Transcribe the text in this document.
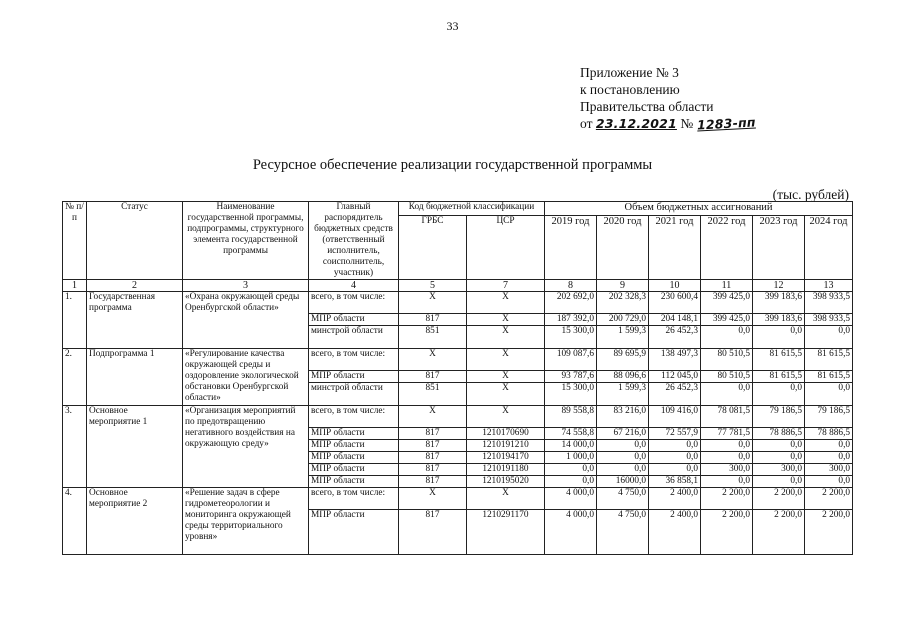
33
Приложение № 3
к постановлению
Правительства области
от 23.12.2021 № 1283-пп
Ресурсное обеспечение реализации государственной программы
(тыс. рублей)
№ п/п	Статус	Наименование государственной программы, подпрограммы, структурного элемента государственной программы	Главный распорядитель бюджетных средств (ответственный исполнитель, соисполнитель, участник)	Код бюджетной классификации		Объем бюджетных ассигнований					
				ГРБС	ЦСР	2019 год	2020 год	2021 год	2022 год	2023 год	2024 год
1	2	3	4	5	7	8	9	10	11	12	13
1.	Государственная программа	«Охрана окружающей среды Оренбургской области»	всего, в том числе:	Х	Х	202 692,0	202 328,3	230 600,4	399 425,0	399 183,6	398 933,5
			МПР области	817	Х	187 392,0	200 729,0	204 148,1	399 425,0	399 183,6	398 933,5
			минстрой области	851	Х	15 300,0	1 599,3	26 452,3	0,0	0,0	0,0
2.	Подпрограмма 1	«Регулирование качества окружающей среды и оздоровление экологической обстановки Оренбургской области»	всего, в том числе:	Х	Х	109 087,6	89 695,9	138 497,3	80 510,5	81 615,5	81 615,5
			МПР области	817	Х	93 787,6	88 096,6	112 045,0	80 510,5	81 615,5	81 615,5
			минстрой области	851	Х	15 300,0	1 599,3	26 452,3	0,0	0,0	0,0
3.	Основное мероприятие 1	«Организация мероприятий по предотвращению негативного воздействия на окружающую среду»	всего, в том числе:	Х	Х	89 558,8	83 216,0	109 416,0	78 081,5	79 186,5	79 186,5
			МПР области	817	1210170690	74 558,8	67 216,0	72 557,9	77 781,5	78 886,5	78 886,5
			МПР области	817	1210191210	14 000,0	0,0	0,0	0,0	0,0	0,0
			МПР области	817	1210194170	1 000,0	0,0	0,0	0,0	0,0	0,0
			МПР области	817	1210191180	0,0	0,0	0,0	300,0	300,0	300,0
			МПР области	817	1210195020	0,0	16000,0	36 858,1	0,0	0,0	0,0
4.	Основное мероприятие 2	«Решение задач в сфере гидрометеорологии и мониторинга окружающей среды территориального уровня»	всего, в том числе:	Х	Х	4 000,0	4 750,0	2 400,0	2 200,0	2 200,0	2 200,0
			МПР области	817	1210291170	4 000,0	4 750,0	2 400,0	2 200,0	2 200,0	2 200,0
